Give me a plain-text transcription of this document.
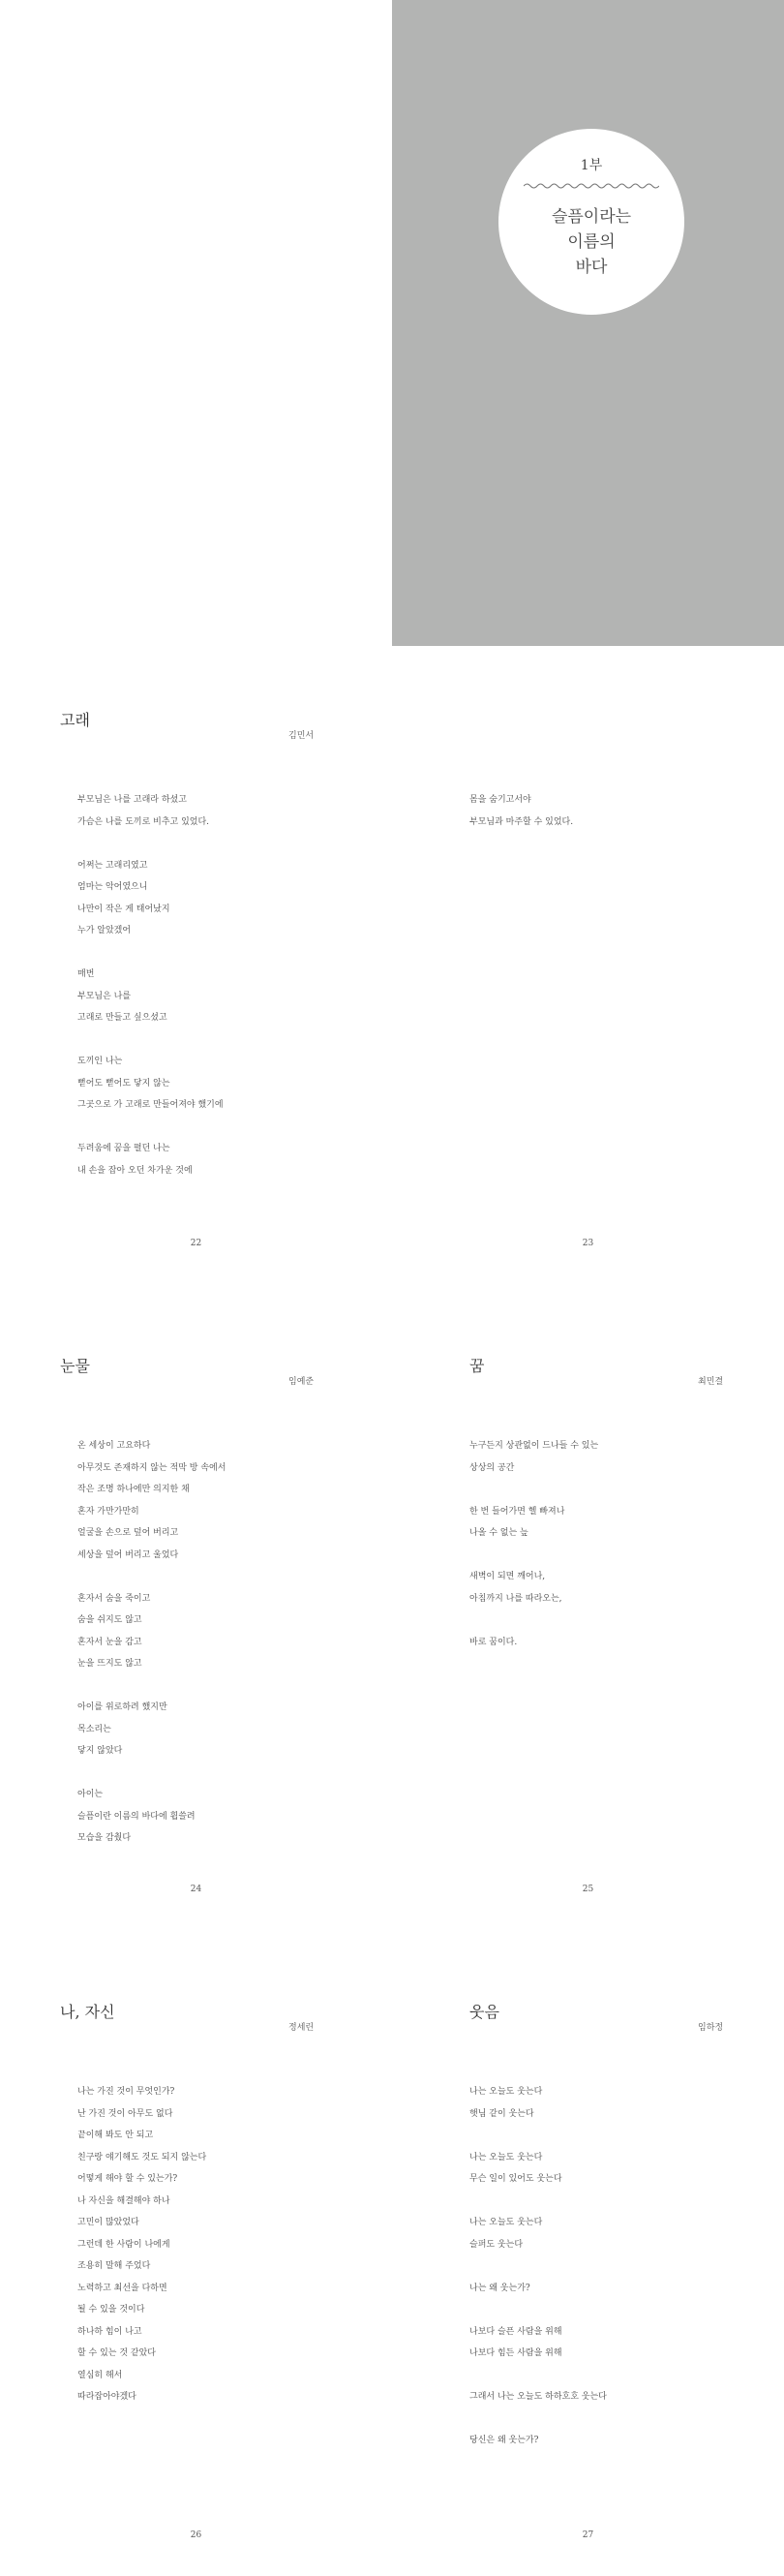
1부
슬픔이라는
이름의
바다
고래
김민서
부모님은 나를 고래라 하셨고
가슴은 나를 도끼로 비추고 있었다.
어쩌는 고래리였고
엄마는 악어였으니
나만이 작은 게 태어났지
누가 알았겠어
매번
부모님은 나를
고래로 만들고 싶으셨고
도끼인 나는
뻗어도 뻗어도 닿지 않는
그곳으로 가 고래로 만들어져야 했기에
두려움에 꿈을 펼던 나는
내 손을 잡아 오던 차가운 것에
22
몸을 숨기고서야
부모님과 마주할 수 있었다.
23
눈물
임예준
온 세상이 고요하다
아무것도 존재하지 않는 적막 방 속에서
작은 조명 하나에만 의지한 채
혼자 가만가만히
얼굴을 손으로 덮어 버리고
세상을 덮어 버리고 울었다
혼자서 숨을 죽이고
숨을 쉬지도 않고
혼자서 눈을 감고
눈을 뜨지도 않고
아이를 위로하려 했지만
목소리는
닿지 않았다
아이는
슬픔이란 이름의 바다에 휩쓸려
모습을 감췄다
24
꿈
최민결
누구든지 상관없이 드나들 수 있는
상상의 공간
한 번 들어가면 헬 빠져나
나올 수 없는 늪
새벽이 되면 깨어나,
아침까지 나를 따라오는,
바로 꿈이다.
25
나, 자신
정세린
나는 가진 것이 무엇인가?
난 가진 것이 아무도 없다
끝이해 봐도 안 되고
친구랑 얘기해도 것도 되지 않는다
어떻게 해야 할 수 있는가?
나 자신을 해결해야 하나
고민이 많았었다
그런데 한 사람이 나에게
조용히 말해 주었다
노력하고 최선을 다하면
될 수 있을 것이다
하나하 힘이 나고
할 수 있는 것 같았다
열심히 해서
따라잡아야겠다
26
웃음
임하정
나는 오늘도 웃는다
햇님 같이 웃는다
나는 오늘도 웃는다
무슨 일이 있어도 웃는다
나는 오늘도 웃는다
슬퍼도 웃는다
나는 왜 웃는가?
나보다 슬픈 사람을 위해
나보다 힘든 사람을 위해
그래서 나는 오늘도 하하호호 웃는다
당신은 왜 웃는가?
27
